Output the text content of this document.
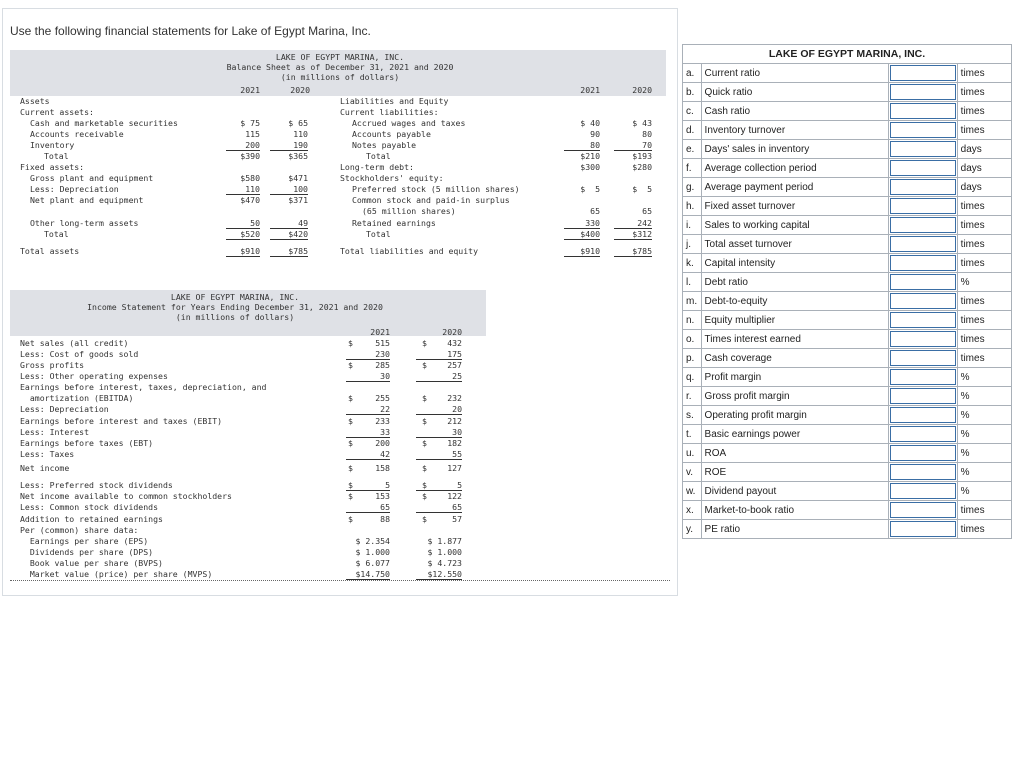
Use the following financial statements for Lake of Egypt Marina, Inc.

LAKE OF EGYPT MARINA, INC.

Balance Sheet as of December 31, 2021 and 2020

(in millions of dollars)

2021

	2020

	2021

	2020

Assets

Current assets:

Cash and marketable securities	$ 75	$ 65
Accounts receivable	115	110
Inventory	200	190
Total	$390	$365
Fixed assets:
Gross plant and equipment	$580	$471
Less: Depreciation	110	100
Net plant and equipment	$470	$371
Other long-term assets	50	49
Total	$520	$420
Total assets	$910	$785

Liabilities and Equity

Current liabilities:

Accrued wages and taxes	$ 40	$ 43
Accounts payable	90	80
Notes payable	80	70
Total	$210	$193
Long-term debt:	$300	$280
Stockholders' equity:
Preferred stock (5 million shares)	$  5	$  5
Common stock and paid-in surplus
(65 million shares)	65	65
Retained earnings	330	242
Total	$400	$312
Total liabilities and equity	$910	$785

LAKE OF EGYPT MARINA, INC.

Income Statement for Years Ending December 31, 2021 and 2020

(in millions of dollars)

2021

	2020

Net sales (all credit)	$	515	$	432
Less: Cost of goods sold	230	175
Gross profits	$	285	$	257
Less: Other operating expenses	30	25
Earnings before interest, taxes, depreciation, and
amortization (EBITDA)	$	255	$	232
Less: Depreciation	22	20
Earnings before interest and taxes (EBIT)	$	233	$	212
Less: Interest	33	30
Earnings before taxes (EBT)	$	200	$	182
Less: Taxes	42	55
Net income	$	158	$	127
Less: Preferred stock dividends	$	5	$	5
Net income available to common stockholders	$	153	$	122
Less: Common stock dividends	65	65
Addition to retained earnings	$	88	$	57
Per (common) share data:
Earnings per share (EPS)	$ 2.354	$ 1.877
Dividends per share (DPS)	$ 1.000	$ 1.000
Book value per share (BVPS)	$ 6.077	$ 4.723
Market value (price) per share (MVPS)	$14.750	$12.550

LAKE OF EGYPT MARINA, INC.			
a.	Current ratio		times
b.	Quick ratio		times
c.	Cash ratio		times
d.	Inventory turnover		times
e.	Days' sales in inventory		days
f.	Average collection period		days
g.	Average payment period		days
h.	Fixed asset turnover		times
i.	Sales to working capital		times
j.	Total asset turnover		times
k.	Capital intensity		times
l.	Debt ratio		%
m.	Debt-to-equity		times
n.	Equity multiplier		times
o.	Times interest earned		times
p.	Cash coverage		times
q.	Profit margin		%
r.	Gross profit margin		%
s.	Operating profit margin		%
t.	Basic earnings power		%
u.	ROA		%
v.	ROE		%
w.	Dividend payout		%
x.	Market-to-book ratio		times
y.	PE ratio		times
